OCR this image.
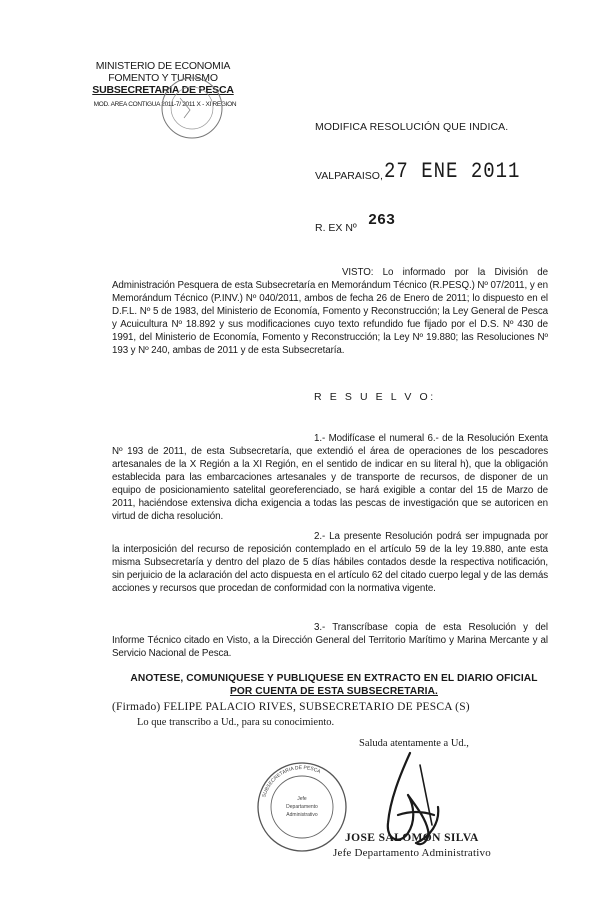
MINISTERIO DE ECONOMIA
FOMENTO Y TURISMO
SUBSECRETARIA DE PESCA
MOD. AREA CONTIGUA 2011-7/ 2011 X - XI REGION
MODIFICA RESOLUCIÓN QUE INDICA.
VALPARAISO, 27 ENE 2011
R. EX Nº 263
VISTO: Lo informado por la División de Administración Pesquera de esta Subsecretaría en Memorándum Técnico (R.PESQ.) Nº 07/2011, y en Memorándum Técnico (P.INV.) Nº 040/2011, ambos de fecha 26 de Enero de 2011; lo dispuesto en el D.F.L. Nº 5 de 1983, del Ministerio de Economía, Fomento y Reconstrucción; la Ley General de Pesca y Acuicultura Nº 18.892 y sus modificaciones cuyo texto refundido fue fijado por el D.S. Nº 430 de 1991, del Ministerio de Economía, Fomento y Reconstrucción; la Ley Nº 19.880; las Resoluciones Nº 193 y Nº 240, ambas de 2011 y de esta Subsecretaría.
R E S U E L V O:
1.- Modifícase el numeral 6.- de la Resolución Exenta Nº 193 de 2011, de esta Subsecretaría, que extendió el área de operaciones de los pescadores artesanales de la X Región a la XI Región, en el sentido de indicar en su literal h), que la obligación establecida para las embarcaciones artesanales y de transporte de recursos, de disponer de un equipo de posicionamiento satelital georeferenciado, se hará exigible a contar del 15 de Marzo de 2011, haciéndose extensiva dicha exigencia a todas las pescas de investigación que se autoricen en virtud de dicha resolución.
2.- La presente Resolución podrá ser impugnada por la interposición del recurso de reposición contemplado en el artículo 59 de la ley 19.880, ante esta misma Subsecretaría y dentro del plazo de 5 días hábiles contados desde la respectiva notificación, sin perjuicio de la aclaración del acto dispuesta en el artículo 62 del citado cuerpo legal y de las demás acciones y recursos que procedan de conformidad con la normativa vigente.
3.- Transcríbase copia de esta Resolución y del Informe Técnico citado en Visto, a la Dirección General del Territorio Marítimo y Marina Mercante y al Servicio Nacional de Pesca.
ANOTESE, COMUNIQUESE Y PUBLIQUESE EN EXTRACTO EN EL DIARIO OFICIAL
POR CUENTA DE ESTA SUBSECRETARIA.
(Firmado) FELIPE PALACIO RIVES, SUBSECRETARIO DE PESCA (S)
Lo que transcribo a Ud., para su conocimiento.
Saluda atentamente a Ud.,
SUBSECRETARIA DE PESCA
Jefe
Departamento
Administrativo
JOSE SALOMON SILVA
Jefe Departamento Administrativo
